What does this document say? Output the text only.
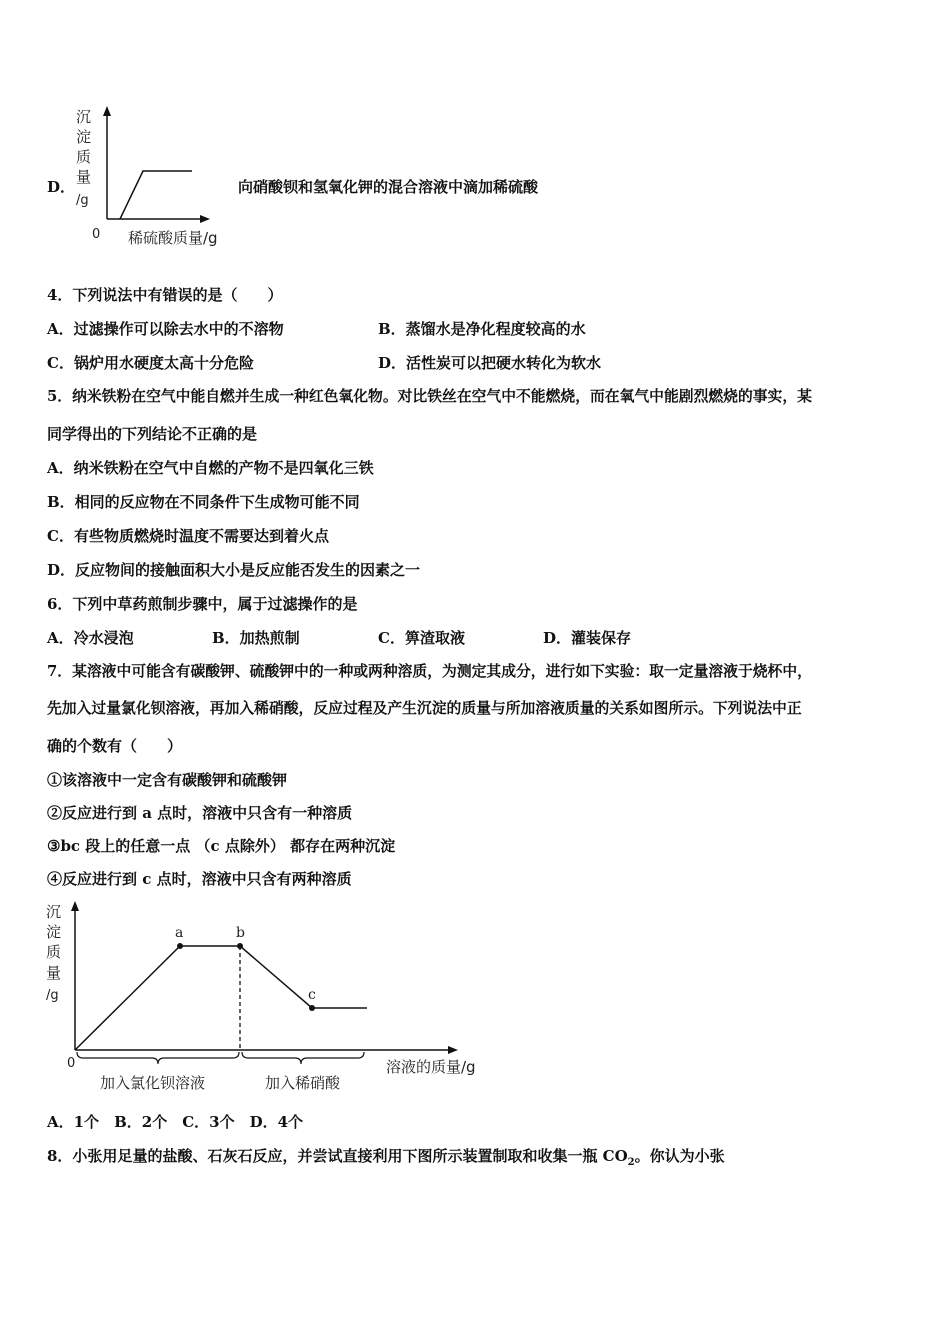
D．
沉
淀
质
量
/g
0 稀硫酸质量/g
向硝酸钡和氢氧化钾的混合溶液中滴加稀硫酸
4．下列说法中有错误的是（　　）
A．过滤操作可以除去水中的不溶物	B．蒸馏水是净化程度较高的水
C．锅炉用水硬度太高十分危险	D．活性炭可以把硬水转化为软水
5．纳米铁粉在空气中能自燃并生成一种红色氧化物。对比铁丝在空气中不能燃烧，而在氧气中能剧烈燃烧的事实，某
同学得出的下列结论不正确的是
A．纳米铁粉在空气中自燃的产物不是四氧化三铁
B．相同的反应物在不同条件下生成物可能不同
C．有些物质燃烧时温度不需要达到着火点
D．反应物间的接触面积大小是反应能否发生的因素之一
6．下列中草药煎制步骤中，属于过滤操作的是
A．冷水浸泡	B．加热煎制	C．箅渣取液	D．灌装保存
7．某溶液中可能含有碳酸钾、硫酸钾中的一种或两种溶质，为测定其成分，进行如下实验：取一定量溶液于烧杯中，
先加入过量氯化钡溶液，再加入稀硝酸，反应过程及产生沉淀的质量与所加溶液质量的关系如图所示。下列说法中正
确的个数有（　　）
①该溶液中一定含有碳酸钾和硫酸钾
②反应进行到 a 点时，溶液中只含有一种溶质
③bc 段上的任意一点 （c 点除外） 都存在两种沉淀
④反应进行到 c 点时，溶液中只含有两种溶质
沉
淀
质
量
/g
a	b
c
0	溶液的质量/g
加入氯化钡溶液	加入稀硝酸
A．1个　B．2个　C．3个　D．4个
8．小张用足量的盐酸、石灰石反应，并尝试直接利用下图所示装置制取和收集一瓶 $CO_2$。你认为小张
